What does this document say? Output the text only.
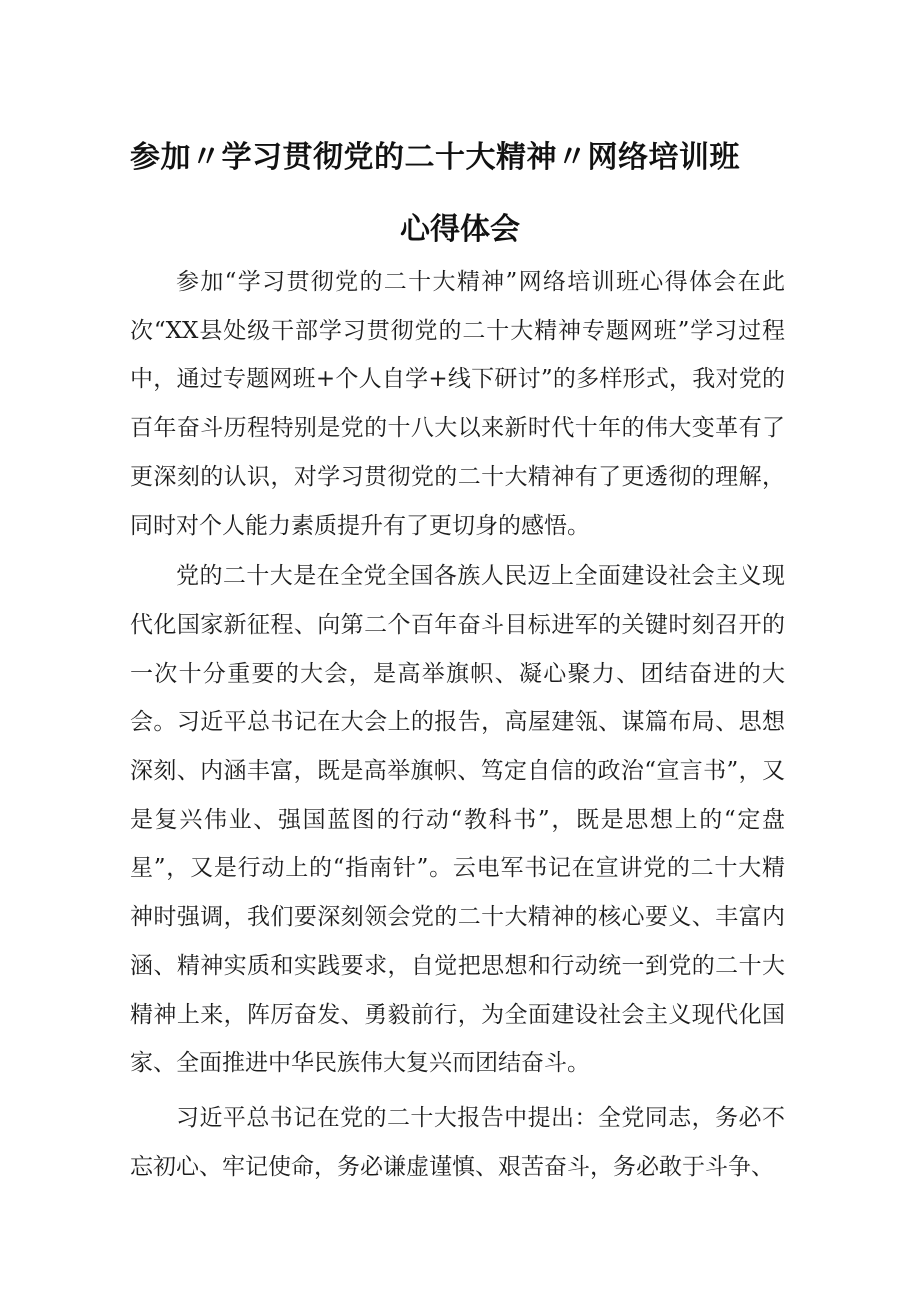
参加〃学习贯彻党的二十大精神〃网络培训班
心得体会

参加“学习贯彻党的二十大精神”网络培训班心得体会在此次“XX县处级干部学习贯彻党的二十大精神专题网班”学习过程中，通过专题网班+个人自学+线下研讨”的多样形式，我对党的百年奋斗历程特别是党的十八大以来新时代十年的伟大变革有了更深刻的认识，对学习贯彻党的二十大精神有了更透彻的理解，同时对个人能力素质提升有了更切身的感悟。

党的二十大是在全党全国各族人民迈上全面建设社会主义现代化国家新征程、向第二个百年奋斗目标进军的关键时刻召开的一次十分重要的大会，是高举旗帜、凝心聚力、团结奋进的大会。习近平总书记在大会上的报告，高屋建瓴、谋篇布局、思想深刻、内涵丰富，既是高举旗帜、笃定自信的政治“宣言书”，又是复兴伟业、强国蓝图的行动“教科书”，既是思想上的“定盘星”，又是行动上的“指南针”。云电军书记在宣讲党的二十大精神时强调，我们要深刻领会党的二十大精神的核心要义、丰富内涵、精神实质和实践要求，自觉把思想和行动统一到党的二十大精神上来，阵厉奋发、勇毅前行，为全面建设社会主义现代化国家、全面推进中华民族伟大复兴而团结奋斗。

习近平总书记在党的二十大报告中提出：全党同志，务必不忘初心、牢记使命，务必谦虚谨慎、艰苦奋斗，务必敢于斗争、
